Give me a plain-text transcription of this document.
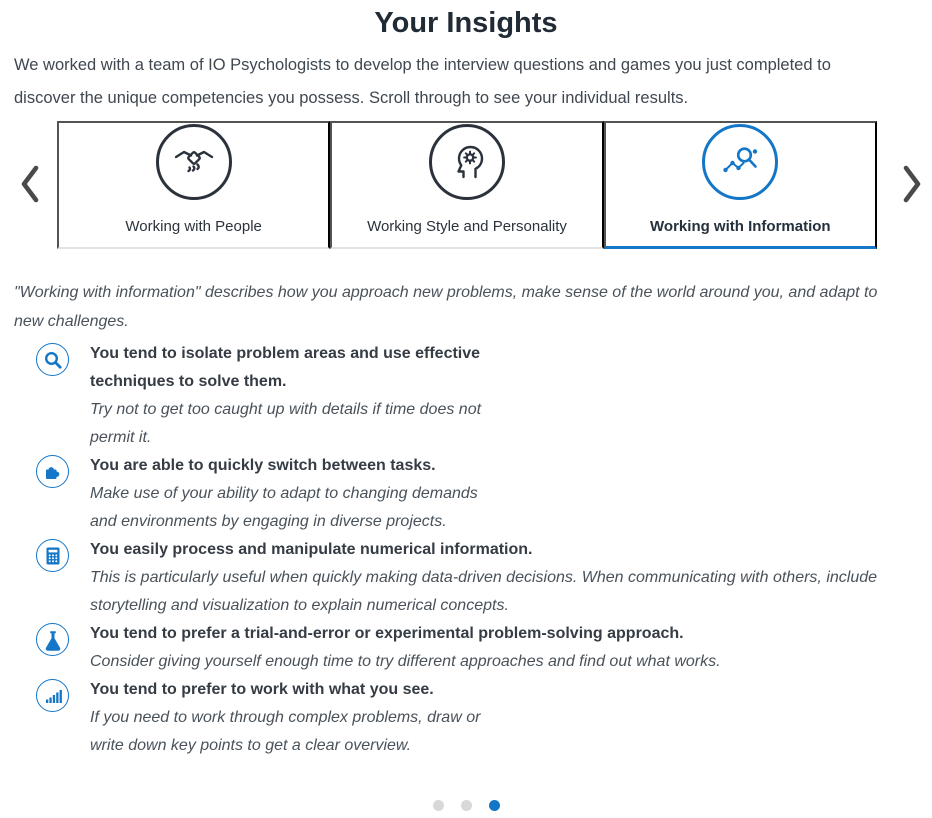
Your Insights

We worked with a team of IO Psychologists to develop the interview questions and games you just completed to discover the unique competencies you possess. Scroll through to see your individual results.

Working with People	Working Style and Personality	Working with Information

"Working with information" describes how you approach new problems, make sense of the world around you, and adapt to new challenges.

You tend to isolate problem areas and use effective techniques to solve them.
Try not to get too caught up with details if time does not permit it.
You are able to quickly switch between tasks.
Make use of your ability to adapt to changing demands and environments by engaging in diverse projects.
You easily process and manipulate numerical information.
This is particularly useful when quickly making data-driven decisions. When communicating with others, include storytelling and visualization to explain numerical concepts.
You tend to prefer a trial-and-error or experimental problem-solving approach.
Consider giving yourself enough time to try different approaches and find out what works.
You tend to prefer to work with what you see.
If you need to work through complex problems, draw or write down key points to get a clear overview.
